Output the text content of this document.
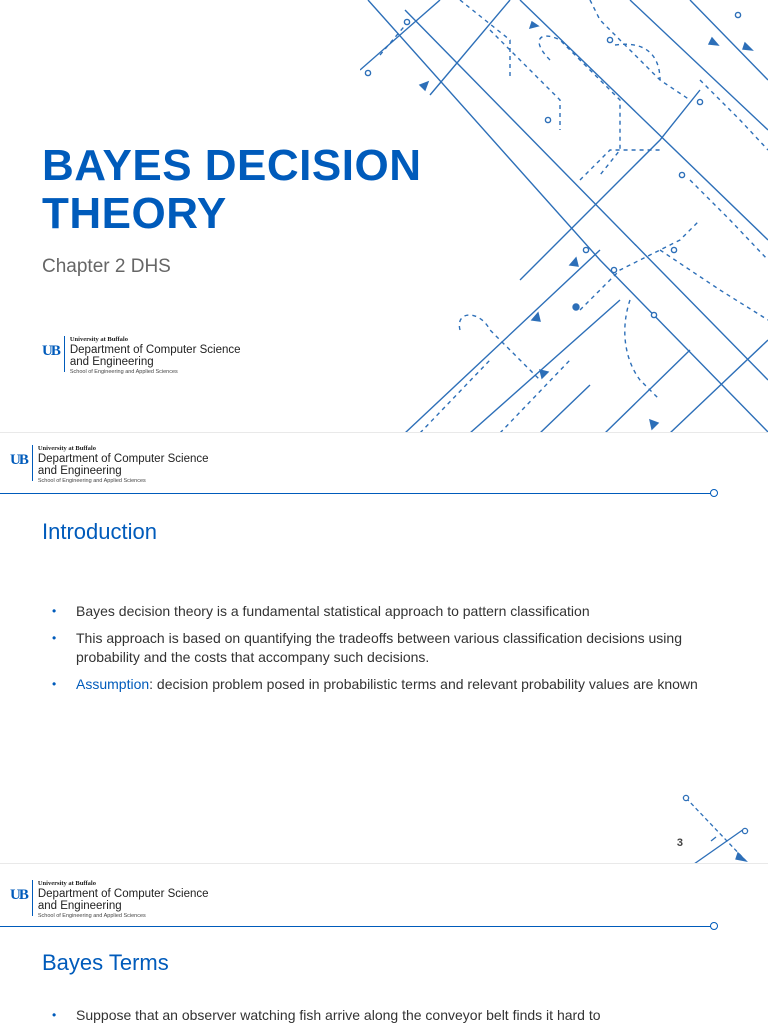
BAYES DECISION
THEORY
Chapter 2 DHS
UB
University at Buffalo
Department of Computer Science
and Engineering
School of Engineering and Applied Sciences
UB
University at Buffalo
Department of Computer Science
and Engineering
School of Engineering and Applied Sciences
Introduction
• Bayes decision theory is a fundamental statistical approach to pattern classification
• This approach is based on quantifying the tradeoffs between various classification decisions using probability and the costs that accompany such decisions.
• Assumption: decision problem posed in probabilistic terms and relevant probability values are known
3
UB
University at Buffalo
Department of Computer Science
and Engineering
School of Engineering and Applied Sciences
Bayes Terms
• Suppose that an observer watching fish arrive along the conveyor belt finds it hard to
